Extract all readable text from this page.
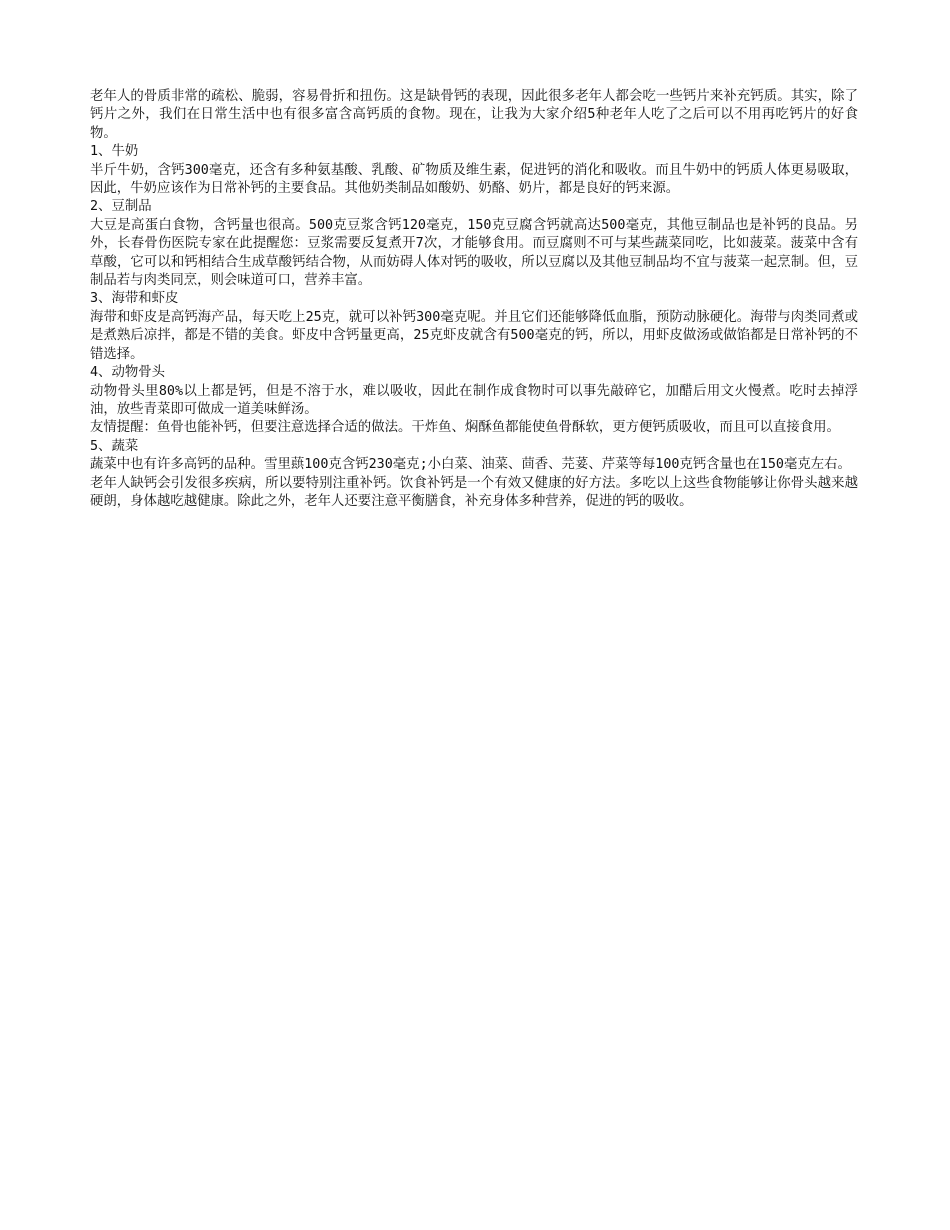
老年人的骨质非常的疏松、脆弱，容易骨折和扭伤。这是缺骨钙的表现，因此很多老年人都会吃一些钙片来补充钙质。其实，除了钙片之外，我们在日常生活中也有很多富含高钙质的食物。现在，让我为大家介绍5种老年人吃了之后可以不用再吃钙片的好食物。

1、牛奶

半斤牛奶，含钙300毫克，还含有多种氨基酸、乳酸、矿物质及维生素，促进钙的消化和吸收。而且牛奶中的钙质人体更易吸取，因此，牛奶应该作为日常补钙的主要食品。其他奶类制品如酸奶、奶酪、奶片，都是良好的钙来源。

2、豆制品

大豆是高蛋白食物，含钙量也很高。500克豆浆含钙120毫克，150克豆腐含钙就高达500毫克，其他豆制品也是补钙的良品。另外，长春骨伤医院专家在此提醒您：豆浆需要反复煮开7次，才能够食用。而豆腐则不可与某些蔬菜同吃，比如菠菜。菠菜中含有草酸，它可以和钙相结合生成草酸钙结合物，从而妨碍人体对钙的吸收，所以豆腐以及其他豆制品均不宜与菠菜一起烹制。但，豆制品若与肉类同烹，则会味道可口，营养丰富。

3、海带和虾皮

海带和虾皮是高钙海产品，每天吃上25克，就可以补钙300毫克呢。并且它们还能够降低血脂，预防动脉硬化。海带与肉类同煮或是煮熟后凉拌，都是不错的美食。虾皮中含钙量更高，25克虾皮就含有500毫克的钙，所以，用虾皮做汤或做馅都是日常补钙的不错选择。

4、动物骨头

动物骨头里80%以上都是钙，但是不溶于水，难以吸收，因此在制作成食物时可以事先敲碎它，加醋后用文火慢煮。吃时去掉浮油，放些青菜即可做成一道美味鲜汤。

友情提醒：鱼骨也能补钙，但要注意选择合适的做法。干炸鱼、焖酥鱼都能使鱼骨酥软，更方便钙质吸收，而且可以直接食用。

5、蔬菜

蔬菜中也有许多高钙的品种。雪里蕻100克含钙230毫克;小白菜、油菜、茴香、芫荽、芹菜等每100克钙含量也在150毫克左右。

老年人缺钙会引发很多疾病，所以要特别注重补钙。饮食补钙是一个有效又健康的好方法。多吃以上这些食物能够让你骨头越来越硬朗，身体越吃越健康。除此之外，老年人还要注意平衡膳食，补充身体多种营养，促进的钙的吸收。
